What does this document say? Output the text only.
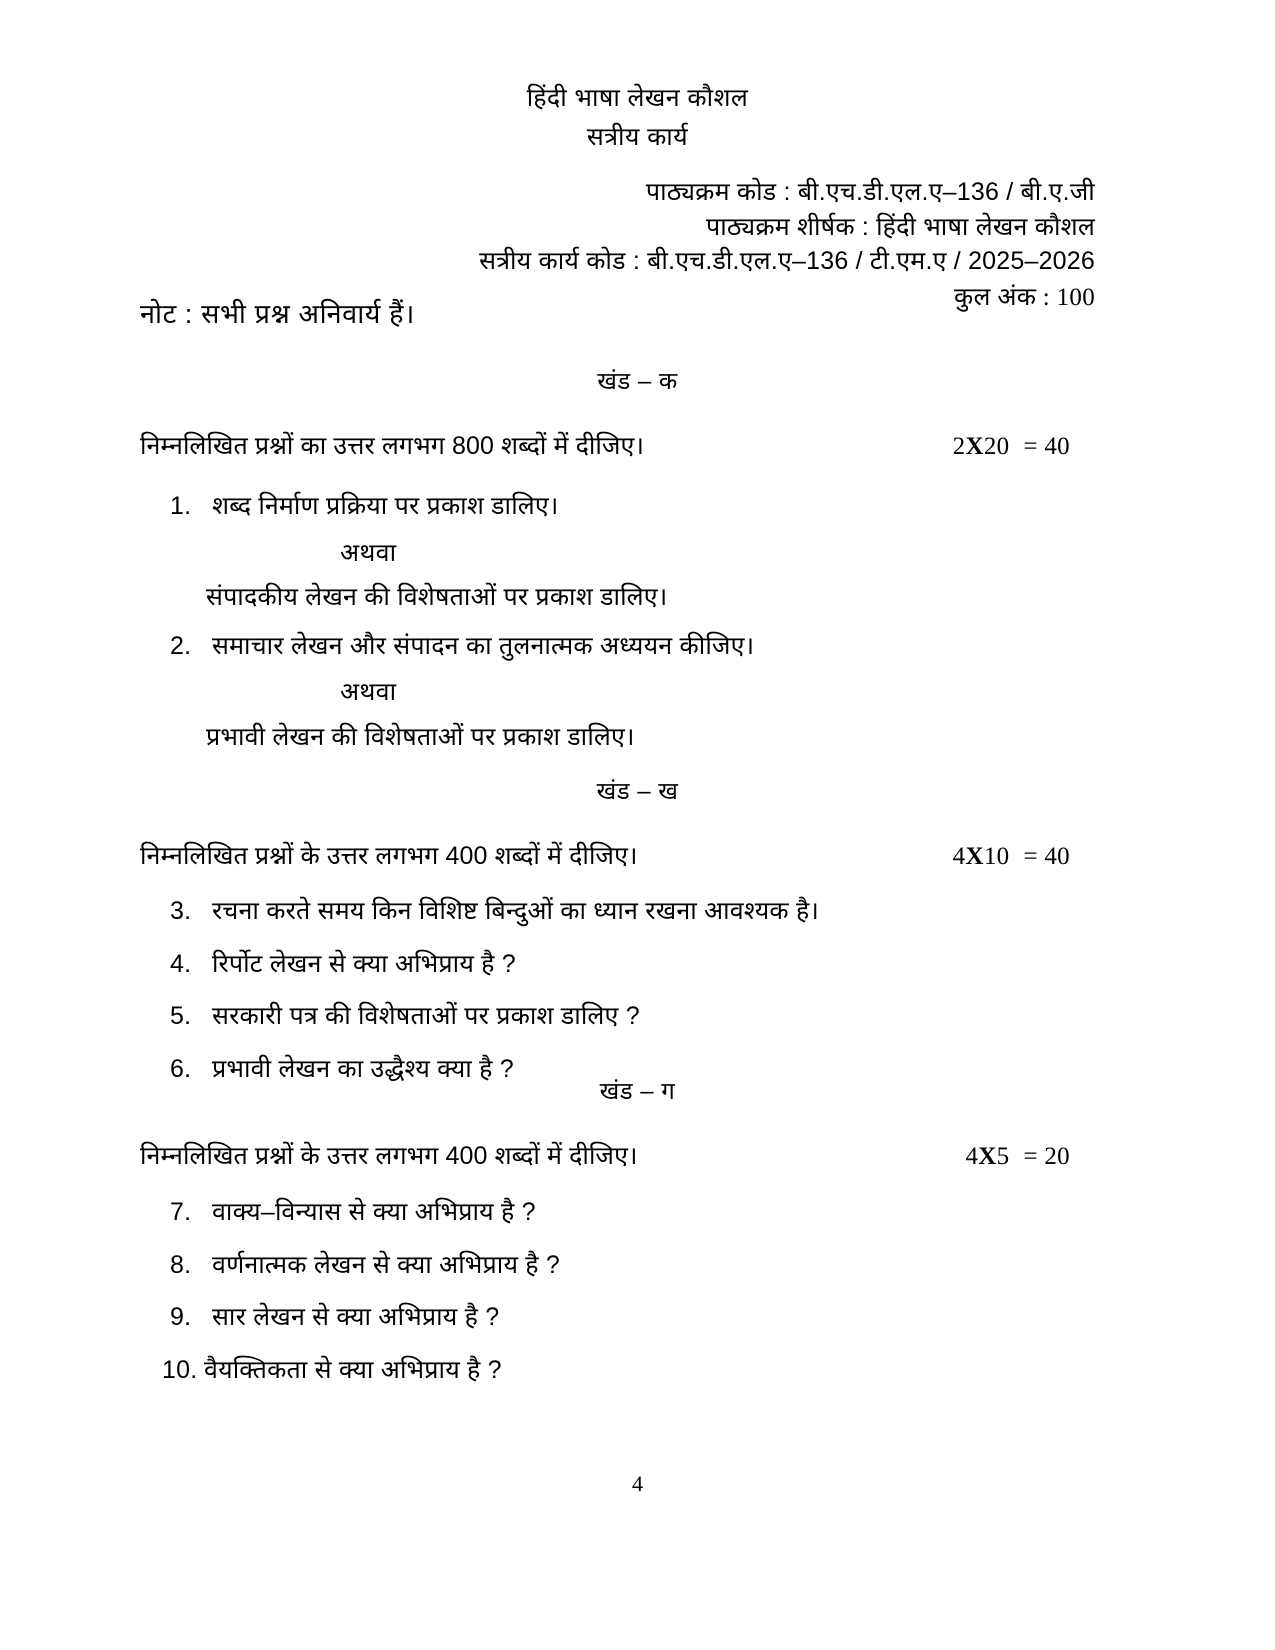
हिंदी भाषा लेखन कौशल
सत्रीय कार्य
पाठ्यक्रम कोड : बी.एच.डी.एल.ए–136 / बी.ए.जी
पाठ्यक्रम शीर्षक : हिंदी भाषा लेखन कौशल
सत्रीय कार्य कोड : बी.एच.डी.एल.ए–136 / टी.एम.ए / 2025–2026
कुल अंक : 100
नोट : सभी प्रश्न अनिवार्य हैं।
खंड – क
निम्नलिखित प्रश्नों का उत्तर लगभग 800 शब्दों में दीजिए।	2X20 = 40
1. शब्द निर्माण प्रक्रिया पर प्रकाश डालिए।
अथवा
संपादकीय लेखन की विशेषताओं पर प्रकाश डालिए।
2. समाचार लेखन और संपादन का तुलनात्मक अध्ययन कीजिए।
अथवा
प्रभावी लेखन की विशेषताओं पर प्रकाश डालिए।
खंड – ख
निम्नलिखित प्रश्नों के उत्तर लगभग 400 शब्दों में दीजिए।	4X10 = 40
3. रचना करते समय किन विशिष्ट बिन्दुओं का ध्यान रखना आवश्यक है।
4. रिर्पोट लेखन से क्या अभिप्राय है ?
5. सरकारी पत्र की विशेषताओं पर प्रकाश डालिए ?
6. प्रभावी लेखन का उद्धैश्य क्या है ?
खंड – ग
निम्नलिखित प्रश्नों के उत्तर लगभग 400 शब्दों में दीजिए।	4X5 = 20
7. वाक्य–विन्यास से क्या अभिप्राय है ?
8. वर्णनात्मक लेखन से क्या अभिप्राय है ?
9. सार लेखन से क्या अभिप्राय है ?
10. वैयक्तिकता से क्या अभिप्राय है ?
4
